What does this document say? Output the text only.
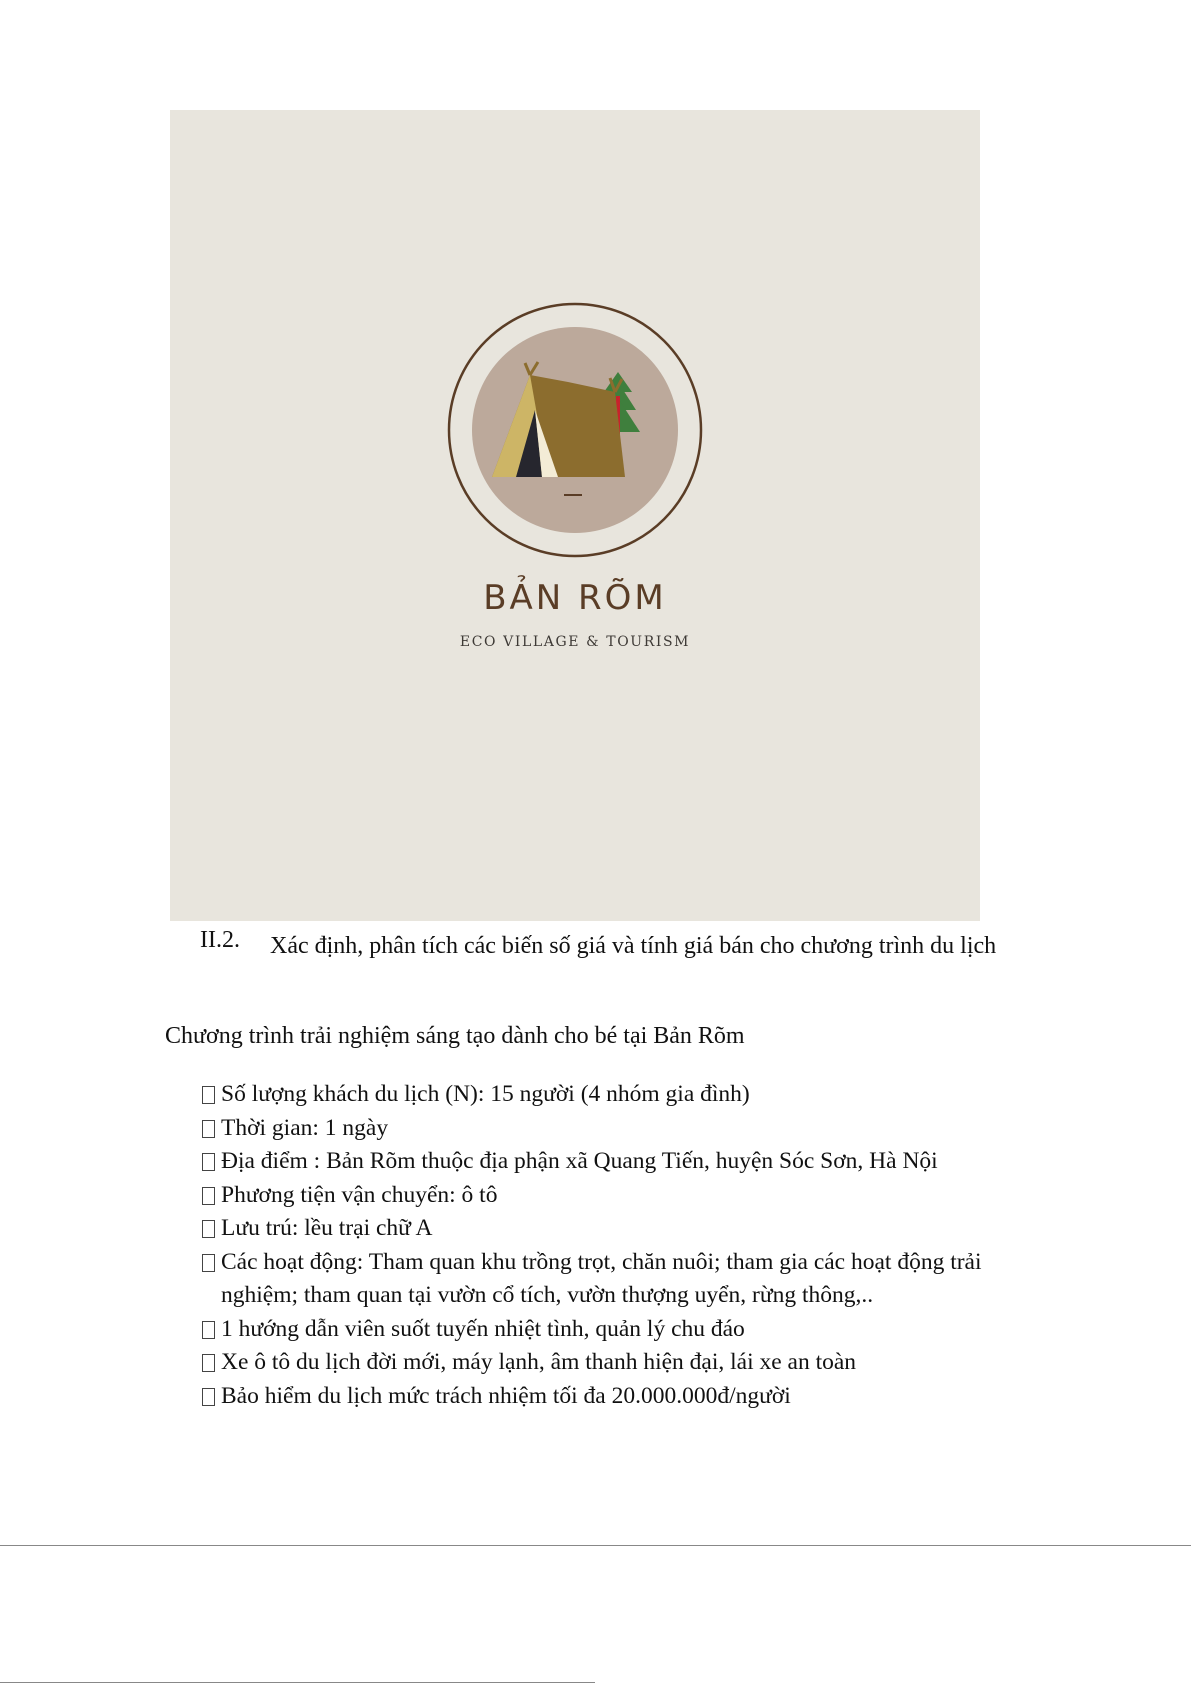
BẢN RÕM
ECO VILLAGE & TOURISM
II.2. Xác định, phân tích các biến số giá và tính giá bán cho chương trình du lịch
Chương trình trải nghiệm sáng tạo dành cho bé tại Bản Rõm
Số lượng khách du lịch (N): 15 người (4 nhóm gia đình)
Thời gian: 1 ngày
Địa điểm : Bản Rõm thuộc địa phận xã Quang Tiến, huyện Sóc Sơn, Hà Nội
Phương tiện vận chuyển: ô tô
Lưu trú: lều trại chữ A
Các hoạt động: Tham quan khu trồng trọt, chăn nuôi; tham gia các hoạt động trải nghiệm; tham quan tại vườn cổ tích, vườn thượng uyển, rừng thông,..
1 hướng dẫn viên suốt tuyến nhiệt tình, quản lý chu đáo
Xe ô tô du lịch đời mới, máy lạnh, âm thanh hiện đại, lái xe an toàn
Bảo hiểm du lịch mức trách nhiệm tối đa 20.000.000đ/người
